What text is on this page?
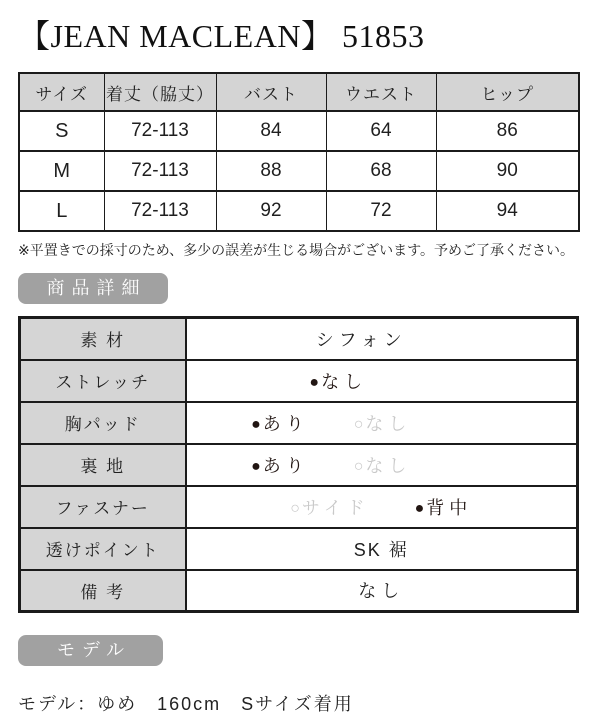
【JEAN MACLEAN】 51853
サイズ	着丈（脇丈）	バスト	ウエスト	ヒップ
S	72-113	84	64	86
M	72-113	88	68	90
L	72-113	92	72	94
※平置きでの採寸のため、多少の誤差が生じる場合がございます。予めご了承ください。
商品詳細
素 材	シフォン

ストレッチ	● なし

胸パッド	● あり ○ なし

裏 地	● あり ○ なし

ファスナー	○ サイド ● 背中

透けポイント	SK 裾

備 考	なし
モデル
モデル：ゆめ　160cm　Sサイズ着用
